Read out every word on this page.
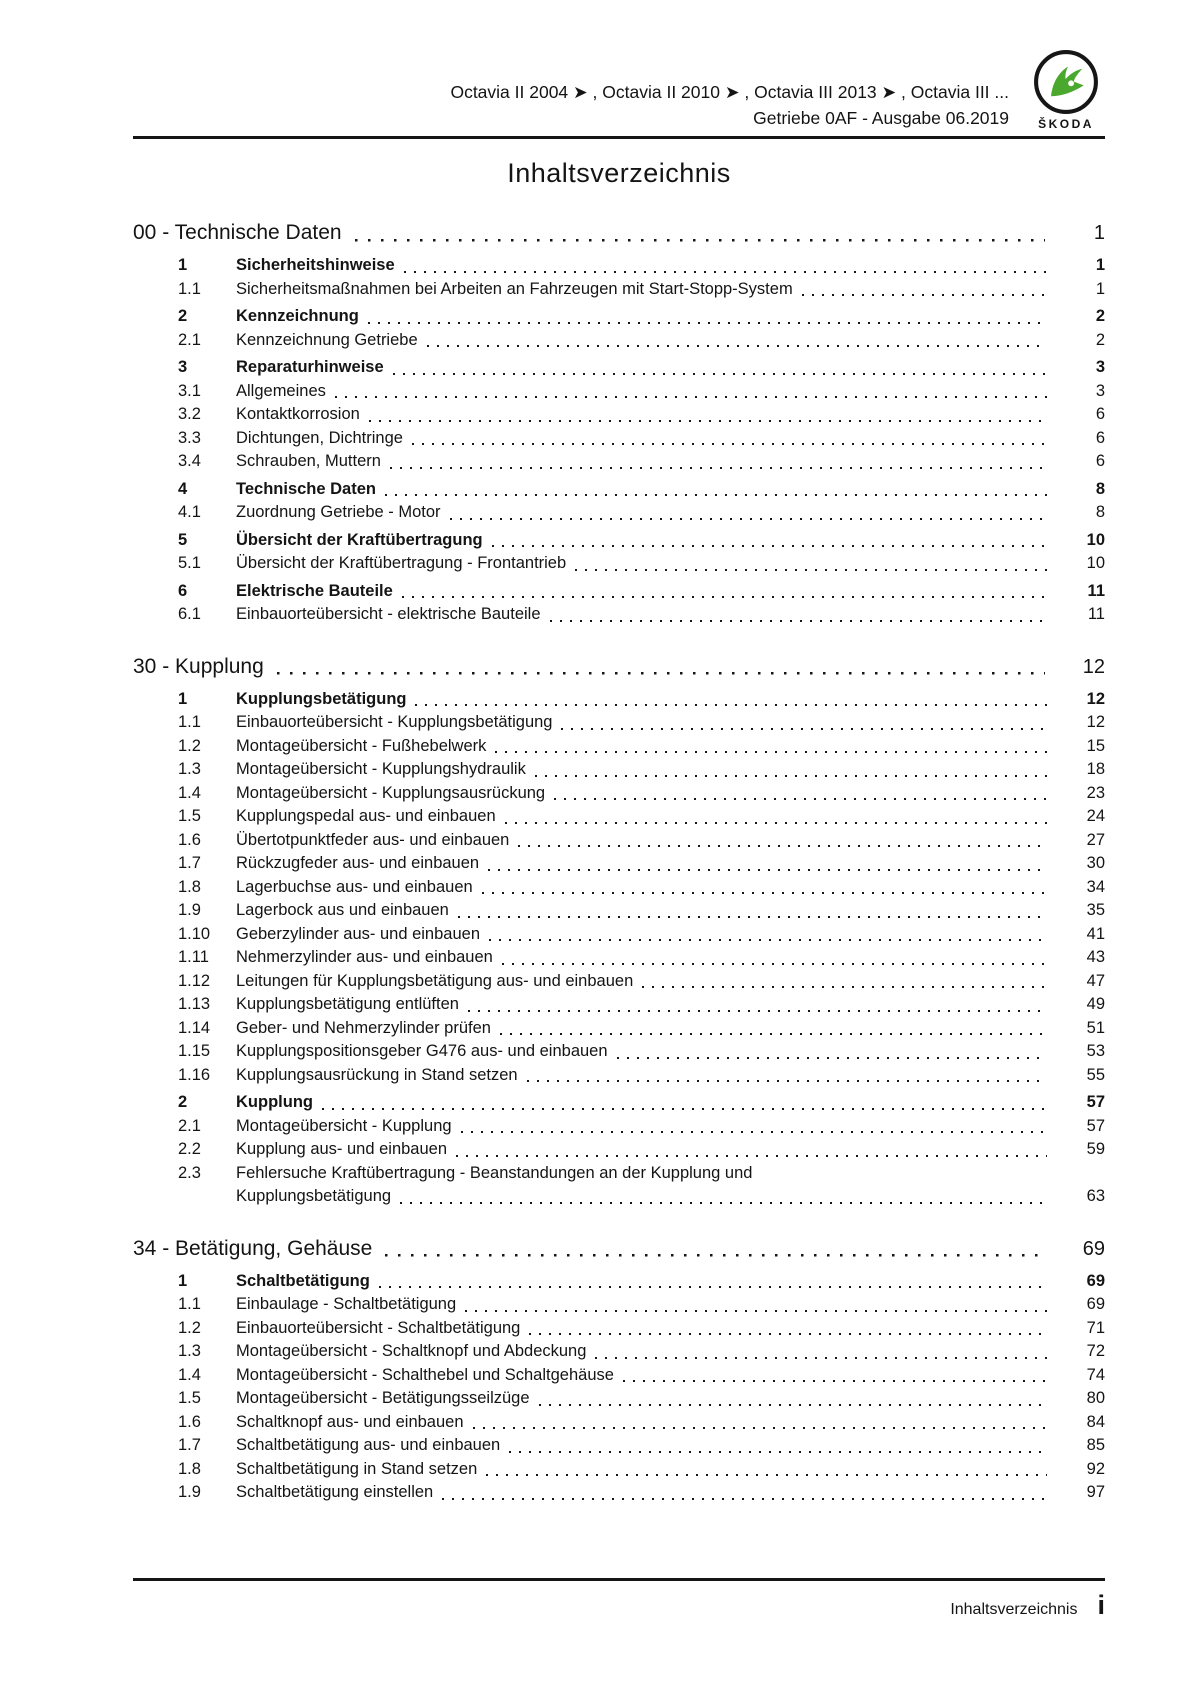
Octavia II 2004 ➤ , Octavia II 2010 ➤ , Octavia III 2013 ➤ , Octavia III ...
Getriebe 0AF - Ausgabe 06.2019 ŠKODA
Inhaltsverzeichnis
00 - Technische Daten	1
1	Sicherheitshinweise	1
1.1	Sicherheitsmaßnahmen bei Arbeiten an Fahrzeugen mit Start-Stopp-System	1
2	Kennzeichnung	2
2.1	Kennzeichnung Getriebe	2
3	Reparaturhinweise	3
3.1	Allgemeines	3
3.2	Kontaktkorrosion	6
3.3	Dichtungen, Dichtringe	6
3.4	Schrauben, Muttern	6
4	Technische Daten	8
4.1	Zuordnung Getriebe - Motor	8
5	Übersicht der Kraftübertragung	10
5.1	Übersicht der Kraftübertragung - Frontantrieb	10
6	Elektrische Bauteile	11
6.1	Einbauorteübersicht - elektrische Bauteile	11
30 - Kupplung	12
1	Kupplungsbetätigung	12
1.1	Einbauorteübersicht - Kupplungsbetätigung	12
1.2	Montageübersicht - Fußhebelwerk	15
1.3	Montageübersicht - Kupplungshydraulik	18
1.4	Montageübersicht - Kupplungsausrückung	23
1.5	Kupplungspedal aus- und einbauen	24
1.6	Übertotpunktfeder aus- und einbauen	27
1.7	Rückzugfeder aus- und einbauen	30
1.8	Lagerbuchse aus- und einbauen	34
1.9	Lagerbock aus und einbauen	35
1.10	Geberzylinder aus- und einbauen	41
1.11	Nehmerzylinder aus- und einbauen	43
1.12	Leitungen für Kupplungsbetätigung aus- und einbauen	47
1.13	Kupplungsbetätigung entlüften	49
1.14	Geber- und Nehmerzylinder prüfen	51
1.15	Kupplungspositionsgeber G476 aus- und einbauen	53
1.16	Kupplungsausrückung in Stand setzen	55
2	Kupplung	57
2.1	Montageübersicht - Kupplung	57
2.2	Kupplung aus- und einbauen	59
2.3	Fehlersuche Kraftübertragung - Beanstandungen an der Kupplung und
Kupplungsbetätigung	63
34 - Betätigung, Gehäuse	69
1	Schaltbetätigung	69
1.1	Einbaulage - Schaltbetätigung	69
1.2	Einbauorteübersicht - Schaltbetätigung	71
1.3	Montageübersicht - Schaltknopf und Abdeckung	72
1.4	Montageübersicht - Schalthebel und Schaltgehäuse	74
1.5	Montageübersicht - Betätigungsseilzüge	80
1.6	Schaltknopf aus- und einbauen	84
1.7	Schaltbetätigung aus- und einbauen	85
1.8	Schaltbetätigung in Stand setzen	92
1.9	Schaltbetätigung einstellen	97
Inhaltsverzeichnis i
